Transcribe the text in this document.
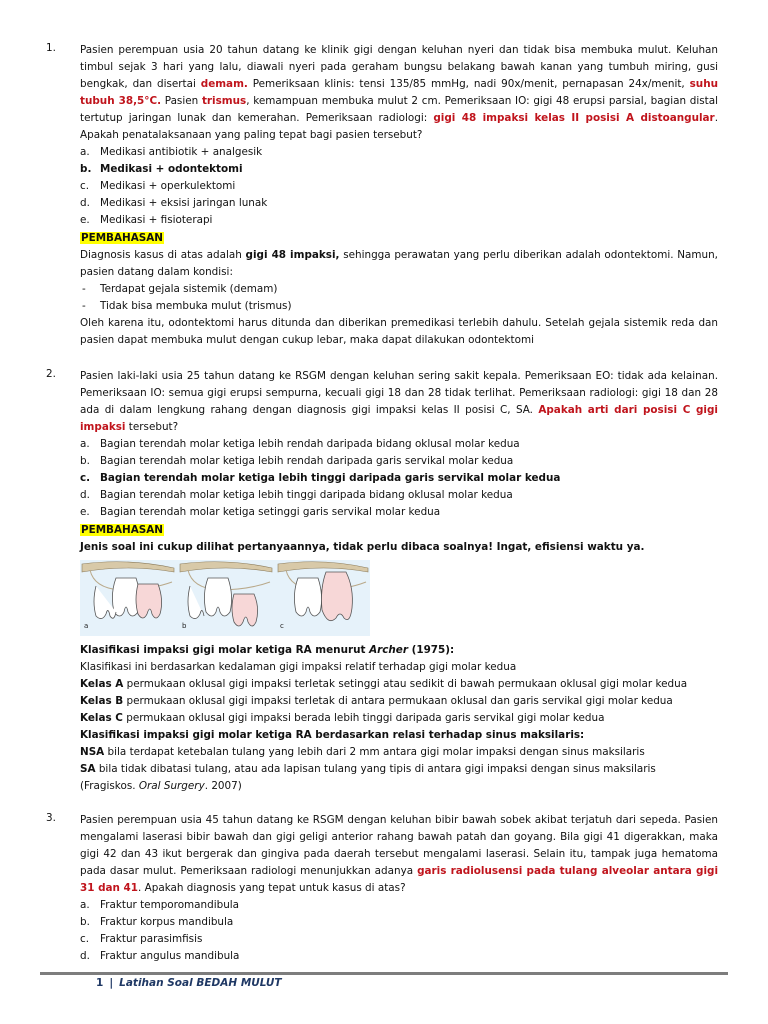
1.	Pasien perempuan usia 20 tahun datang ke klinik gigi dengan keluhan nyeri dan tidak bisa membuka mulut. Keluhan timbul sejak 3 hari yang lalu, diawali nyeri pada geraham bungsu belakang bawah kanan yang tumbuh miring, gusi bengkak, dan disertai demam. Pemeriksaan klinis: tensi 135/85 mmHg, nadi 90x/menit, pernapasan 24x/menit, suhu tubuh 38,5°C. Pasien trismus, kemampuan membuka mulut 2 cm. Pemeriksaan IO: gigi 48 erupsi parsial, bagian distal tertutup jaringan lunak dan kemerahan. Pemeriksaan radiologi: gigi 48 impaksi kelas II posisi A distoangular. Apakah penatalaksanaan yang paling tepat bagi pasien tersebut?

a. Medikasi antibiotik + analgesik
b. Medikasi + odontektomi
c. Medikasi + operkulektomi
d. Medikasi + eksisi jaringan lunak
e. Medikasi + fisioterapi
PEMBAHASAN

Diagnosis kasus di atas adalah gigi 48 impaksi, sehingga perawatan yang perlu diberikan adalah odontektomi. Namun, pasien datang dalam kondisi:

- Terdapat gejala sistemik (demam)
- Tidak bisa membuka mulut (trismus)

Oleh karena itu, odontektomi harus ditunda dan diberikan premedikasi terlebih dahulu. Setelah gejala sistemik reda dan pasien dapat membuka mulut dengan cukup lebar, maka dapat dilakukan odontektomi

2.	Pasien laki-laki usia 25 tahun datang ke RSGM dengan keluhan sering sakit kepala. Pemeriksaan EO: tidak ada kelainan. Pemeriksaan IO: semua gigi erupsi sempurna, kecuali gigi 18 dan 28 tidak terlihat. Pemeriksaan radiologi: gigi 18 dan 28 ada di dalam lengkung rahang dengan diagnosis gigi impaksi kelas II posisi C, SA. Apakah arti dari posisi C gigi impaksi tersebut?

a. Bagian terendah molar ketiga lebih rendah daripada bidang oklusal molar kedua
b. Bagian terendah molar ketiga lebih rendah daripada garis servikal molar kedua
c. Bagian terendah molar ketiga lebih tinggi daripada garis servikal molar kedua
d. Bagian terendah molar ketiga lebih tinggi daripada bidang oklusal molar kedua
e. Bagian terendah molar ketiga setinggi garis servikal molar kedua
PEMBAHASAN

Jenis soal ini cukup dilihat pertanyaannya, tidak perlu dibaca soalnya! Ingat, efisiensi waktu ya.

a	b	c

Klasifikasi impaksi gigi molar ketiga RA menurut Archer (1975):

Klasifikasi ini berdasarkan kedalaman gigi impaksi relatif terhadap gigi molar kedua

Kelas A permukaan oklusal gigi impaksi terletak setinggi atau sedikit di bawah permukaan oklusal gigi molar kedua

Kelas B permukaan oklusal gigi impaksi terletak di antara permukaan oklusal dan garis servikal gigi molar kedua

Kelas C permukaan oklusal gigi impaksi berada lebih tinggi daripada garis servikal gigi molar kedua

Klasifikasi impaksi gigi molar ketiga RA berdasarkan relasi terhadap sinus maksilaris:

NSA bila terdapat ketebalan tulang yang lebih dari 2 mm antara gigi molar impaksi dengan sinus maksilaris

SA bila tidak dibatasi tulang, atau ada lapisan tulang yang tipis di antara gigi impaksi dengan sinus maksilaris

(Fragiskos. Oral Surgery. 2007)

3.	Pasien perempuan usia 45 tahun datang ke RSGM dengan keluhan bibir bawah sobek akibat terjatuh dari sepeda. Pasien mengalami laserasi bibir bawah dan gigi geligi anterior rahang bawah patah dan goyang. Bila gigi 41 digerakkan, maka gigi 42 dan 43 ikut bergerak dan gingiva pada daerah tersebut mengalami laserasi. Selain itu, tampak juga hematoma pada dasar mulut. Pemeriksaan radiologi menunjukkan adanya garis radiolusensi pada tulang alveolar antara gigi 31 dan 41. Apakah diagnosis yang tepat untuk kasus di atas?

a. Fraktur temporomandibula
b. Fraktur korpus mandibula
c. Fraktur parasimfisis
d. Fraktur angulus mandibula
1 | Latihan Soal BEDAH MULUT
